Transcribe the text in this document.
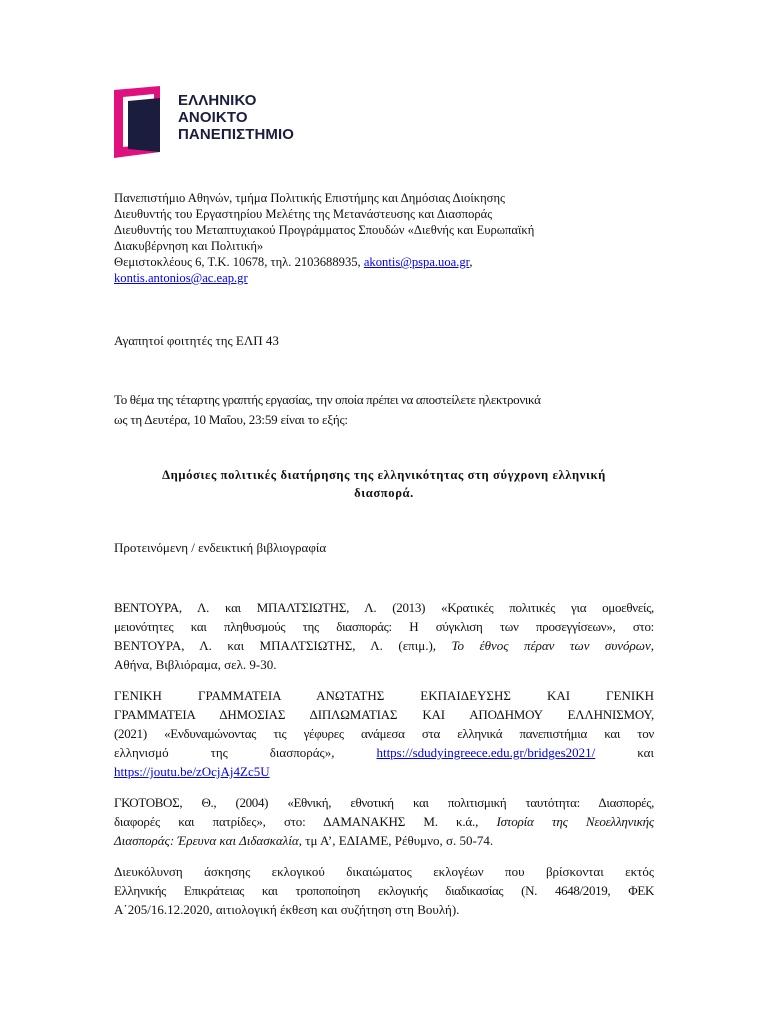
ΕΛΛΗΝΙΚΟ
ΑΝΟΙΚΤΟ
ΠΑΝΕΠΙΣΤΗΜΙΟ
Πανεπιστήμιο Αθηνών, τμήμα Πολιτικής Επιστήμης και Δημόσιας Διοίκησης
Διευθυντής του Εργαστηρίου Μελέτης της Μετανάστευσης και Διασποράς
Διευθυντής του Μεταπτυχιακού Προγράμματος Σπουδών «Διεθνής και Ευρωπαϊκή
Διακυβέρνηση και Πολιτική»
Θεμιστοκλέους 6, Τ.Κ. 10678, τηλ. 2103688935, akontis@pspa.uoa.gr,
kontis.antonios@ac.eap.gr
Αγαπητοί φοιτητές της ΕΛΠ 43
Το θέμα της τέταρτης γραπτής εργασίας, την οποία πρέπει να αποστείλετε ηλεκτρονικά
ως τη Δευτέρα, 10 Μαΐου, 23:59 είναι το εξής:
Δημόσιες πολιτικές διατήρησης της ελληνικότητας στη σύγχρονη ελληνική
διασπορά.
Προτεινόμενη / ενδεικτική βιβλιογραφία
ΒΕΝΤΟΥΡΑ, Λ. και ΜΠΑΛΤΣΙΩΤΗΣ, Λ. (2013) «Κρατικές πολιτικές για ομοεθνείς,
μειονότητες και πληθυσμούς της διασποράς: Η σύγκλιση των προσεγγίσεων», στο:
ΒΕΝΤΟΥΡΑ, Λ. και ΜΠΑΛΤΣΙΩΤΗΣ, Λ. (επιμ.), Το έθνος πέραν των συνόρων,
Αθήνα, Βιβλιόραμα, σελ. 9-30.
ΓΕΝΙΚΗ ΓΡΑΜΜΑΤΕΙΑ ΑΝΩΤΑΤΗΣ ΕΚΠΑΙΔΕΥΣΗΣ ΚΑΙ ΓΕΝΙΚΗ
ΓΡΑΜΜΑΤΕΙΑ ΔΗΜΟΣΙΑΣ ΔΙΠΛΩΜΑΤΙΑΣ ΚΑΙ ΑΠΟΔΗΜΟΥ ΕΛΛΗΝΙΣΜΟΥ,
(2021) «Ενδυναμώνοντας τις γέφυρες ανάμεσα στα ελληνικά πανεπιστήμια και τον
ελληνισμό της διασποράς», https://sdudyingreece.edu.gr/bridges2021/	και
https://joutu.be/zOcjAj4Zc5U
ΓΚΟΤΟΒΟΣ, Θ., (2004) «Εθνική, εθνοτική και πολιτισμική ταυτότητα: Διασπορές,
διαφορές και πατρίδες», στο: ΔΑΜΑΝΑΚΗΣ Μ. κ.ά., Ιστορία της Νεοελληνικής
Διασποράς: Έρευνα και Διδασκαλία, τμ Α’, ΕΔΙΑΜΕ, Ρέθυμνο, σ. 50-74.
Διευκόλυνση άσκησης εκλογικού δικαιώματος εκλογέων που βρίσκονται εκτός
Ελληνικής Επικράτειας και τροποποίηση εκλογικής διαδικασίας (Ν. 4648/2019, ΦΕΚ
Α΄205/16.12.2020, αιτιολογική έκθεση και συζήτηση στη Βουλή).
